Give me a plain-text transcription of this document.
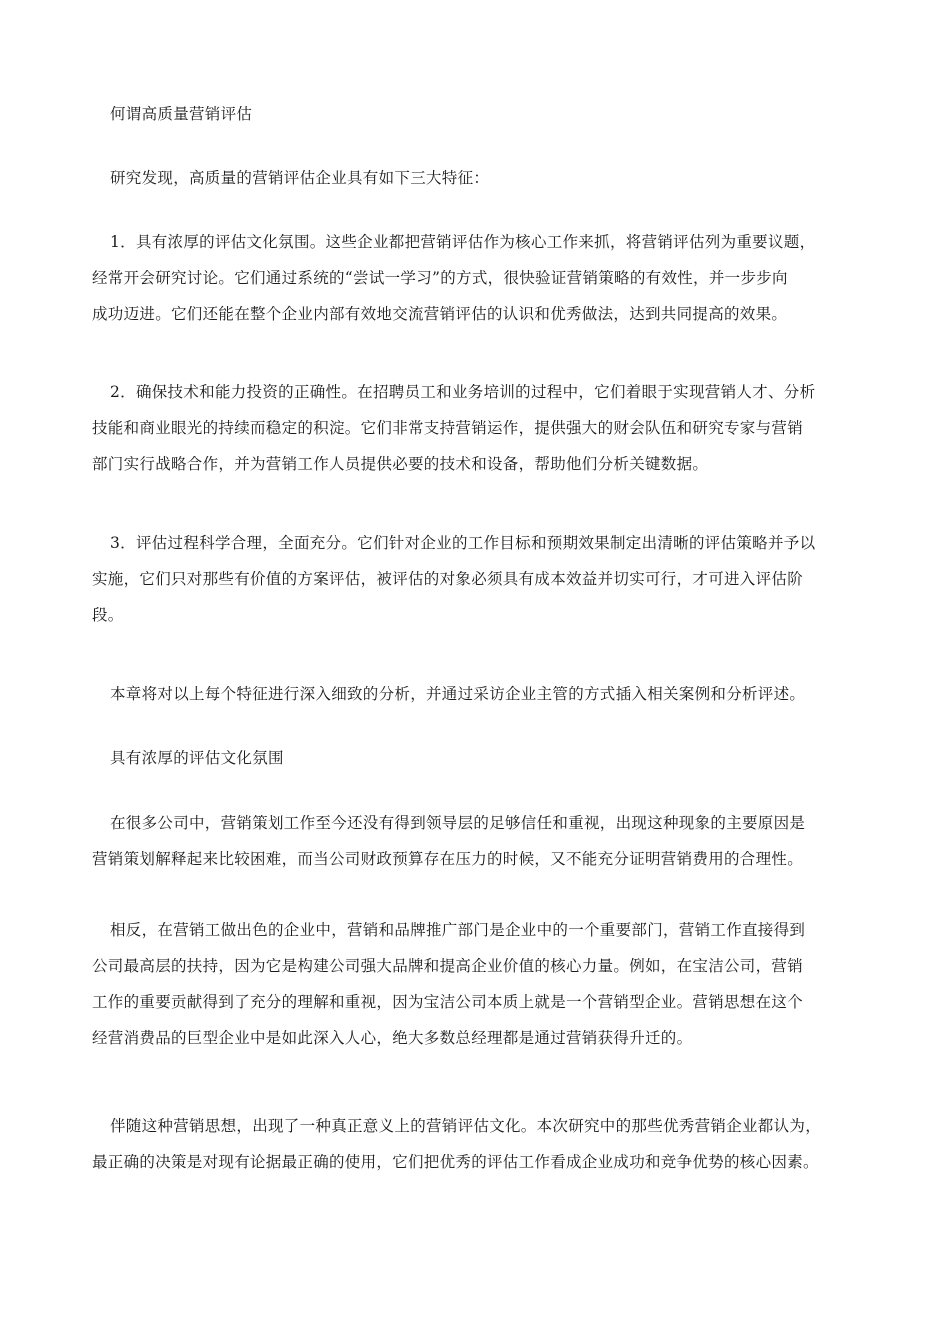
何谓高质量营销评估
研究发现，高质量的营销评估企业具有如下三大特征：
1．具有浓厚的评估文化氛围。这些企业都把营销评估作为核心工作来抓，将营销评估列为重要议题，
经常开会研究讨论。它们通过系统的“尝试一学习”的方式，很快验证营销策略的有效性，并一步步向
成功迈进。它们还能在整个企业内部有效地交流营销评估的认识和优秀做法，达到共同提高的效果。
2．确保技术和能力投资的正确性。在招聘员工和业务培训的过程中，它们着眼于实现营销人才、分析
技能和商业眼光的持续而稳定的积淀。它们非常支持营销运作，提供强大的财会队伍和研究专家与营销
部门实行战略合作，并为营销工作人员提供必要的技术和设备，帮助他们分析关键数据。
3．评估过程科学合理，全面充分。它们针对企业的工作目标和预期效果制定出清晰的评估策略并予以
实施，它们只对那些有价值的方案评估，被评估的对象必须具有成本效益并切实可行，才可进入评估阶
段。
本章将对以上每个特征进行深入细致的分析，并通过采访企业主管的方式插入相关案例和分析评述。
具有浓厚的评估文化氛围
在很多公司中，营销策划工作至今还没有得到领导层的足够信任和重视，出现这种现象的主要原因是
营销策划解释起来比较困难，而当公司财政预算存在压力的时候，又不能充分证明营销费用的合理性。
相反，在营销工做出色的企业中，营销和品牌推广部门是企业中的一个重要部门，营销工作直接得到
公司最高层的扶持，因为它是构建公司强大品牌和提高企业价值的核心力量。例如，在宝洁公司，营销
工作的重要贡献得到了充分的理解和重视，因为宝洁公司本质上就是一个营销型企业。营销思想在这个
经营消费品的巨型企业中是如此深入人心，绝大多数总经理都是通过营销获得升迁的。
伴随这种营销思想，出现了一种真正意义上的营销评估文化。本次研究中的那些优秀营销企业都认为，
最正确的决策是对现有论据最正确的使用，它们把优秀的评估工作看成企业成功和竞争优势的核心因素。
